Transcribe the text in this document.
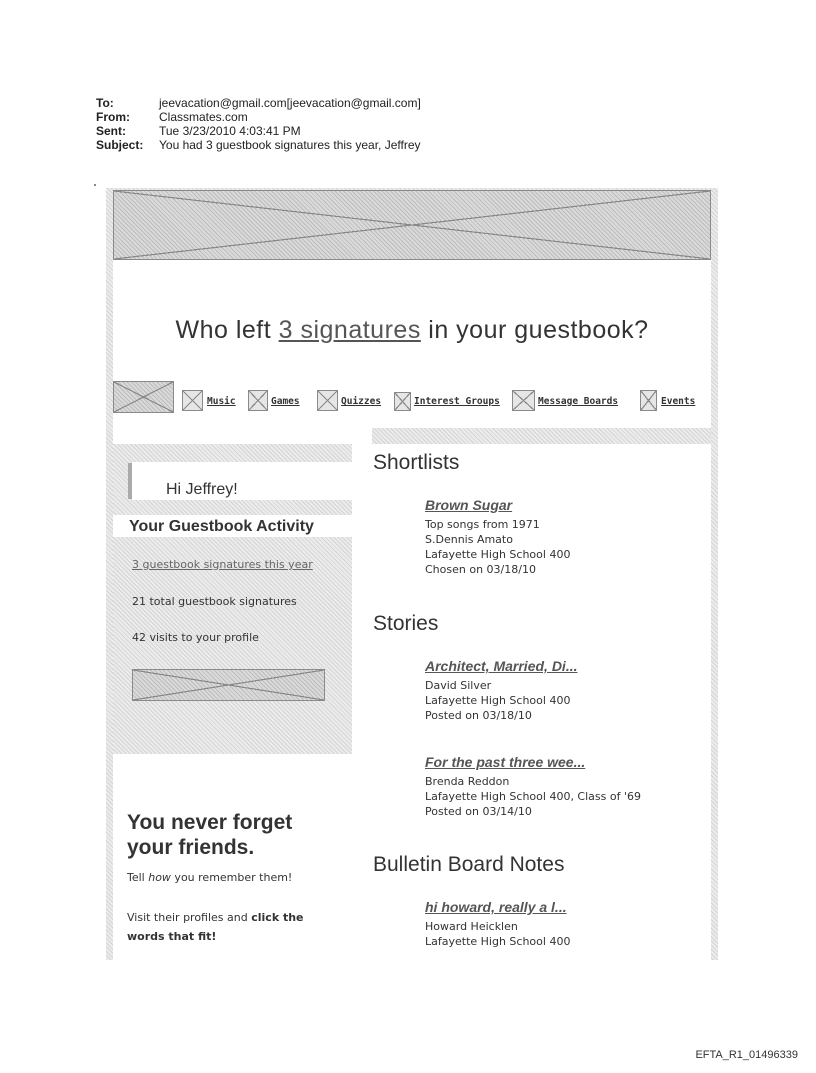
To:	jeevacation@gmail.com[jeevacation@gmail.com]
From:	Classmates.com
Sent:	Tue 3/23/2010 4:03:41 PM
Subject:	You had 3 guestbook signatures this year, Jeffrey
Who left 3 signatures in your guestbook?
Music	Games	Quizzes	Interest Groups	Message Boards	Events
Hi Jeffrey!
Your Guestbook Activity
3 guestbook signatures this year
21 total guestbook signatures
42 visits to your profile
You never forget
your friends.
Tell how you remember them!
Visit their profiles and click the
words that fit!
Shortlists
Brown Sugar
Top songs from 1971
S.Dennis Amato
Lafayette High School 400
Chosen on 03/18/10
Stories
Architect, Married, Di...
David Silver
Lafayette High School 400
Posted on 03/18/10
For the past three wee...
Brenda Reddon
Lafayette High School 400, Class of '69
Posted on 03/14/10
Bulletin Board Notes
hi howard, really a l...
Howard Heicklen
Lafayette High School 400
EFTA_R1_01496339
